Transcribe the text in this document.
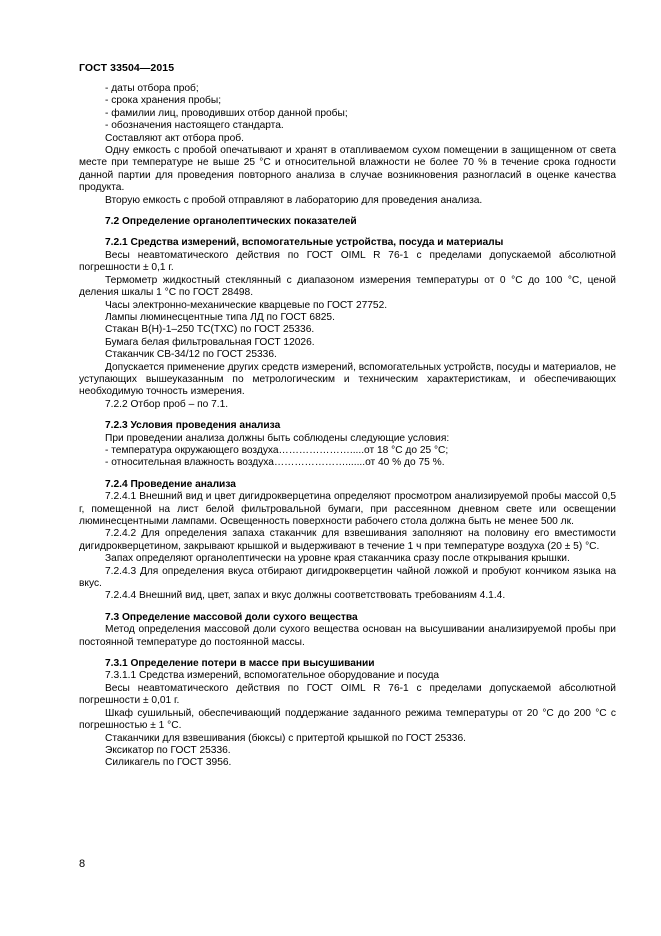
ГОСТ 33504—2015

- даты отбора проб;

- срока хранения пробы;

- фамилии лиц, проводивших отбор данной пробы;

- обозначения настоящего стандарта.

Составляют акт отбора проб.

Одну емкость с пробой опечатывают и хранят в отапливаемом сухом помещении в защищенном от света месте при температуре не выше 25 °С и относительной влажности не более 70 % в течение срока годности данной партии для проведения повторного анализа в случае возникновения разногласий в оценке качества продукта.

Вторую емкость с пробой отправляют в лабораторию для проведения анализа.

7.2 Определение органолептических показателей

7.2.1 Средства измерений, вспомогательные устройства, посуда и материалы

Весы неавтоматического действия по ГОСТ OIML R 76-1 с пределами допускаемой абсолютной погрешности ± 0,1 г.

Термометр жидкостный стеклянный с диапазоном измерения температуры от 0 °С до 100 °С, ценой деления шкалы 1 °С по ГОСТ 28498.

Часы электронно-механические кварцевые по ГОСТ 27752.

Лампы люминесцентные типа ЛД по ГОСТ 6825.

Стакан В(Н)-1–250 ТС(ТХС) по ГОСТ 25336.

Бумага белая фильтровальная ГОСТ 12026.

Стаканчик СВ-34/12 по ГОСТ 25336.

Допускается применение других средств измерений, вспомогательных устройств, посуды и материалов, не уступающих вышеуказанным по метрологическим и техническим характеристикам, и обеспечивающих необходимую точность измерения.

7.2.2 Отбор проб – по 7.1.

7.2.3 Условия проведения анализа

При проведении анализа должны быть соблюдены следующие условия:

- температура окружающего воздуха………………….....от 18 °С до 25 °С;

- относительная влажность воздуха………………….......от 40 % до 75 %.

7.2.4 Проведение анализа

7.2.4.1 Внешний вид и цвет дигидрокверцетина определяют просмотром анализируемой пробы массой 0,5 г, помещенной на лист белой фильтровальной бумаги, при рассеянном дневном свете или освещении люминесцентными лампами. Освещенность поверхности рабочего стола должна быть не менее 500 лк.

7.2.4.2 Для определения запаха стаканчик для взвешивания заполняют на половину его вместимости дигидрокверцетином, закрывают крышкой и выдерживают в течение 1 ч при температуре воздуха (20 ± 5) °С.

Запах определяют органолептически на уровне края стаканчика сразу после открывания крышки.

7.2.4.3 Для определения вкуса отбирают дигидрокверцетин чайной ложкой и пробуют кончиком языка на вкус.

7.2.4.4 Внешний вид, цвет, запах и вкус должны соответствовать требованиям 4.1.4.

7.3 Определение массовой доли сухого вещества

Метод определения массовой доли сухого вещества основан на высушивании анализируемой пробы при постоянной температуре до постоянной массы.

7.3.1 Определение потери в массе при высушивании

7.3.1.1 Средства измерений, вспомогательное оборудование и посуда

Весы неавтоматического действия по ГОСТ OIML R 76-1 с пределами допускаемой абсолютной погрешности ± 0,01 г.

Шкаф сушильный, обеспечивающий поддержание заданного режима температуры от 20 °С до 200 °С с погрешностью ± 1 °С.

Стаканчики для взвешивания (бюксы) с притертой крышкой по ГОСТ 25336.

Эксикатор по ГОСТ 25336.

Силикагель по ГОСТ 3956.

8
